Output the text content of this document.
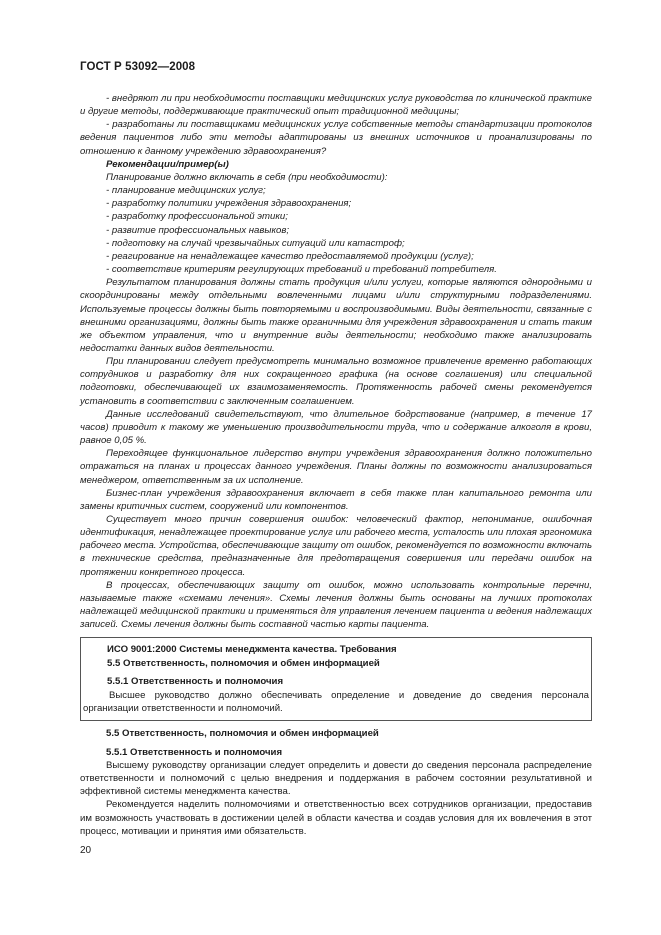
ГОСТ Р 53092—2008

- внедряют ли при необходимости поставщики медицинских услуг руководства по клинической практике и другие методы, поддерживающие практический опыт традиционной медицины;

- разработаны ли поставщиками медицинских услуг собственные методы стандартизации протоколов ведения пациентов либо эти методы адаптированы из внешних источников и проанализированы по отношению к данному учреждению здравоохранения?

Рекомендации/пример(ы)

Планирование должно включать в себя (при необходимости):

- планирование медицинских услуг;

- разработку политики учреждения здравоохранения;

- разработку профессиональной этики;

- развитие профессиональных навыков;

- подготовку на случай чрезвычайных ситуаций или катастроф;

- реагирование на ненадлежащее качество предоставляемой продукции (услуг);

- соответствие критериям регулирующих требований и требований потребителя.

Результатом планирования должны стать продукция и/или услуги, которые являются однородными и скоординированы между отдельными вовлеченными лицами и/или структурными подразделениями. Используемые процессы должны быть повторяемыми и воспроизводимыми. Виды деятельности, связанные с внешними организациями, должны быть также органичными для учреждения здравоохранения и стать таким же объектом управления, что и внутренние виды деятельности; необходимо также анализировать недостатки данных видов деятельности.

При планировании следует предусмотреть минимально возможное привлечение временно работающих сотрудников и разработку для них сокращенного графика (на основе соглашения) или специальной подготовки, обеспечивающей их взаимозаменяемость. Протяженность рабочей смены рекомендуется установить в соответствии с заключенным соглашением.

Данные исследований свидетельствуют, что длительное бодрствование (например, в течение 17 часов) приводит к такому же уменьшению производительности труда, что и содержание алкоголя в крови, равное 0,05 %.

Переходящее функциональное лидерство внутри учреждения здравоохранения должно положительно отражаться на планах и процессах данного учреждения. Планы должны по возможности анализироваться менеджером, ответственным за их исполнение.

Бизнес-план учреждения здравоохранения включает в себя также план капитального ремонта или замены критичных систем, сооружений или компонентов.

Существует много причин совершения ошибок: человеческий фактор, непонимание, ошибочная идентификация, ненадлежащее проектирование услуг или рабочего места, усталость или плохая эргономика рабочего места. Устройства, обеспечивающие защиту от ошибок, рекомендуется по возможности включать в технические средства, предназначенные для предотвращения совершения или передачи ошибок на протяжении конкретного процесса.

В процессах, обеспечивающих защиту от ошибок, можно использовать контрольные перечни, называемые также «схемами лечения». Схемы лечения должны быть основаны на лучших протоколах надлежащей медицинской практики и применяться для управления лечением пациента и ведения надлежащих записей. Схемы лечения должны быть составной частью карты пациента.

ИСО 9001:2000 Системы менеджмента качества. Требования

5.5 Ответственность, полномочия и обмен информацией

5.5.1 Ответственность и полномочия

Высшее руководство должно обеспечивать определение и доведение до сведения персонала организации ответственности и полномочий.

5.5 Ответственность, полномочия и обмен информацией

5.5.1 Ответственность и полномочия

Высшему руководству организации следует определить и довести до сведения персонала распределение ответственности и полномочий с целью внедрения и поддержания в рабочем состоянии результативной и эффективной системы менеджмента качества.

Рекомендуется наделить полномочиями и ответственностью всех сотрудников организации, предоставив им возможность участвовать в достижении целей в области качества и создав условия для их вовлечения в этот процесс, мотивации и принятия ими обязательств.

20
